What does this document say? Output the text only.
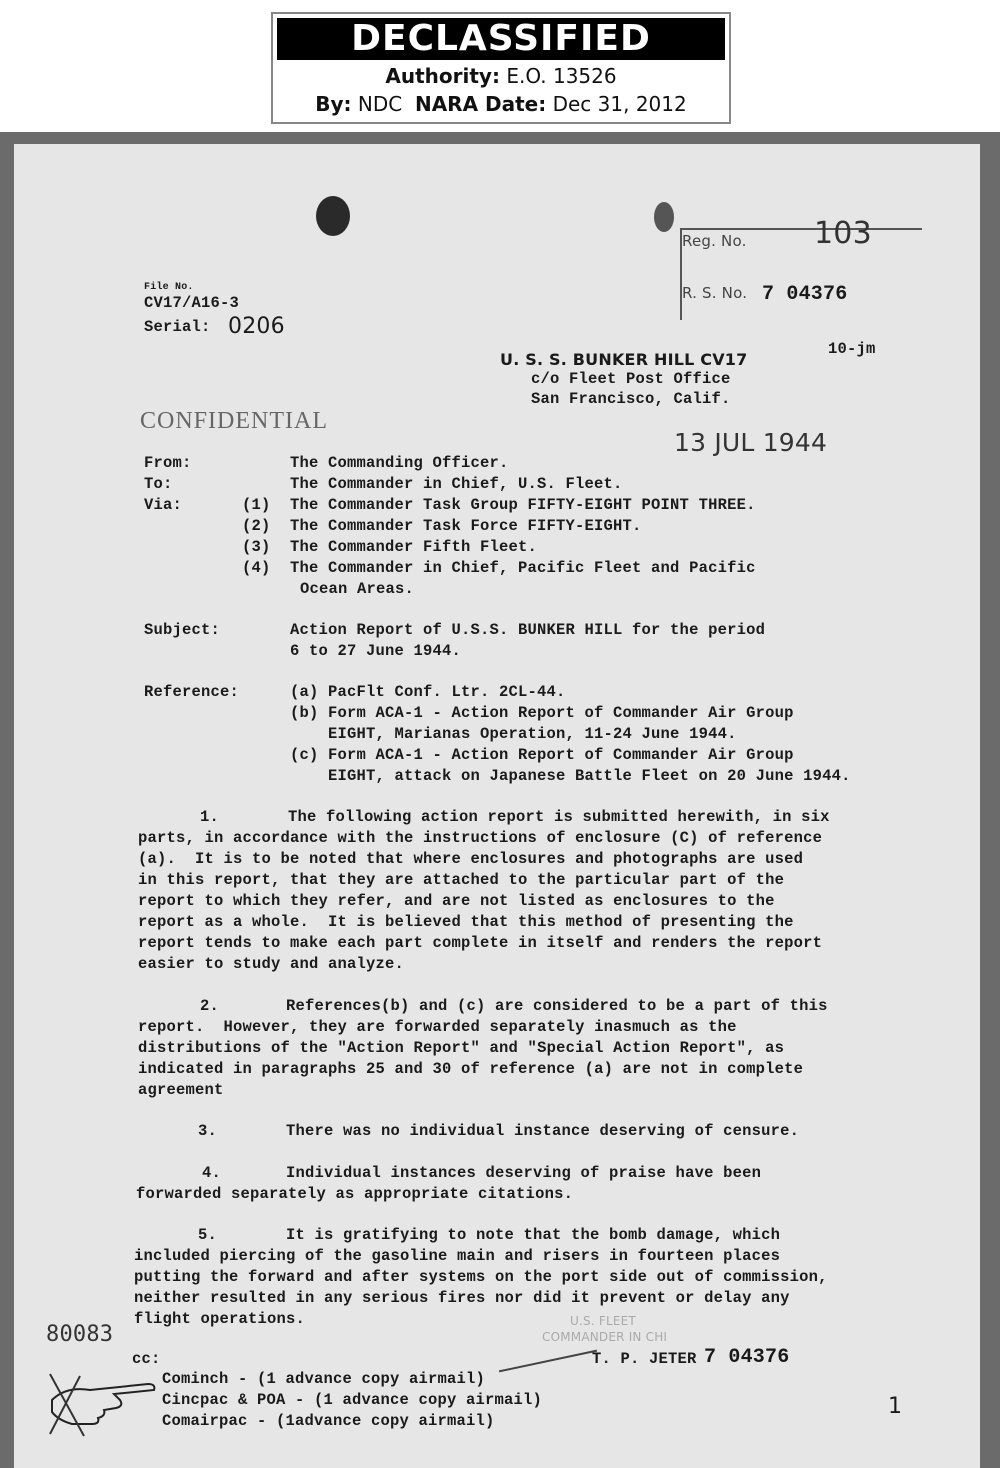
DECLASSIFIED
Authority: E.O. 13526
By: NDC NARA Date: Dec 31, 2012
Reg. No. 103
R. S. No. 7 04376
File No.
CV17/A16-3
Serial: 0206
10-jm
U. S. S. BUNKER HILL CV17
c/o Fleet Post Office
San Francisco, Calif.
CONFIDENTIAL
13 JUL 1944
From:	The Commanding Officer.
To:	The Commander in Chief, U.S. Fleet.
Via:	(1) The Commander Task Group FIFTY-EIGHT POINT THREE.
(2) The Commander Task Force FIFTY-EIGHT.
(3) The Commander Fifth Fleet.
(4) The Commander in Chief, Pacific Fleet and Pacific
Ocean Areas.
Subject:	Action Report of U.S.S. BUNKER HILL for the period
6 to 27 June 1944.
Reference:	(a) PacFlt Conf. Ltr. 2CL-44.
(b) Form ACA-1 - Action Report of Commander Air Group
EIGHT, Marianas Operation, 11-24 June 1944.
(c) Form ACA-1 - Action Report of Commander Air Group
EIGHT, attack on Japanese Battle Fleet on 20 June 1944.
1.	The following action report is submitted herewith, in six
parts, in accordance with the instructions of enclosure (C) of reference
(a).  It is to be noted that where enclosures and photographs are used
in this report, that they are attached to the particular part of the
report to which they refer, and are not listed as enclosures to the
report as a whole.  It is believed that this method of presenting the
report tends to make each part complete in itself and renders the report
easier to study and analyze.
2.	References(b) and (c) are considered to be a part of this
report.  However, they are forwarded separately inasmuch as the
distributions of the "Action Report" and "Special Action Report", as
indicated in paragraphs 25 and 30 of reference (a) are not in complete
agreement
3.	There was no individual instance deserving of censure.
4.	Individual instances deserving of praise have been
forwarded separately as appropriate citations.
5.	It is gratifying to note that the bomb damage, which
included piercing of the gasoline main and risers in fourteen places
putting the forward and after systems on the port side out of commission,
neither resulted in any serious fires nor did it prevent or delay any
flight operations.
80083
U.S. FLEET
COMMANDER IN CHI
T. P. JETER 7 04376
cc:
Cominch - (1 advance copy airmail)
Cincpac & POA - (1 advance copy airmail)
Comairpac - (1advance copy airmail)
1
